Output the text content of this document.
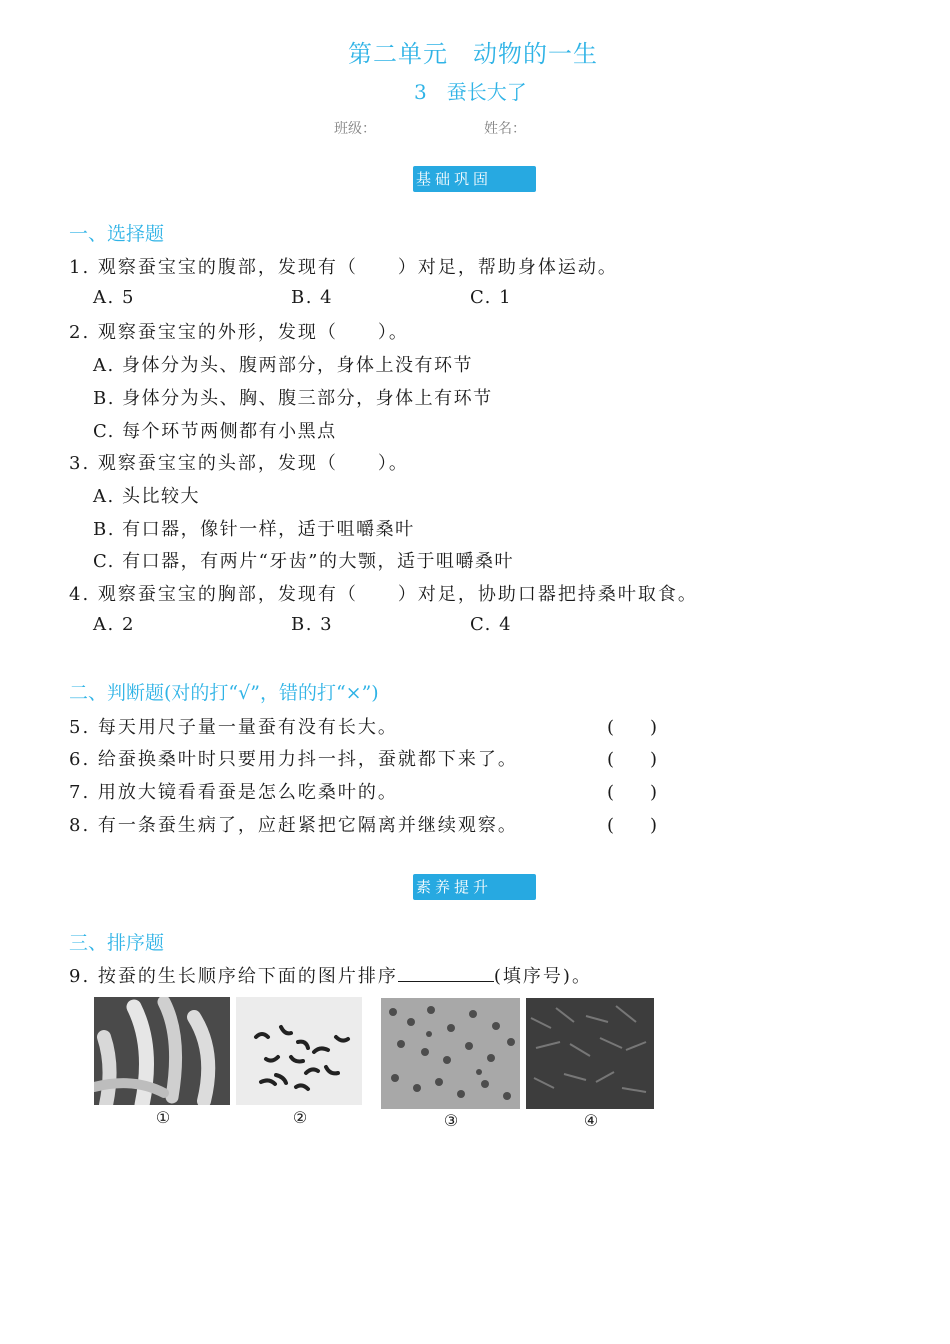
第二单元　动物的一生
3　蚕长大了
班级：	姓名：
基础巩固
一、选择题
1. 观察蚕宝宝的腹部，发现有（　　）对足，帮助身体运动。
A. 5	B. 4	C. 1
2. 观察蚕宝宝的外形，发现（　　）。
A. 身体分为头、腹两部分，身体上没有环节
B. 身体分为头、胸、腹三部分，身体上有环节
C. 每个环节两侧都有小黑点
3. 观察蚕宝宝的头部，发现（　　）。
A. 头比较大
B. 有口器，像针一样，适于咀嚼桑叶
C. 有口器，有两片“牙齿”的大颚，适于咀嚼桑叶
4. 观察蚕宝宝的胸部，发现有（　　）对足，协助口器把持桑叶取食。
A. 2	B. 3	C. 4
二、判断题(对的打“√”，错的打“×”)
5. 每天用尺子量一量蚕有没有长大。	(　　)
6. 给蚕换桑叶时只要用力抖一抖，蚕就都下来了。	(　　)
7. 用放大镜看看蚕是怎么吃桑叶的。	(　　)
8. 有一条蚕生病了，应赶紧把它隔离并继续观察。	(　　)
素养提升
三、排序题
9. 按蚕的生长顺序给下面的图片排序	(填序号)。
①	②	③	④
